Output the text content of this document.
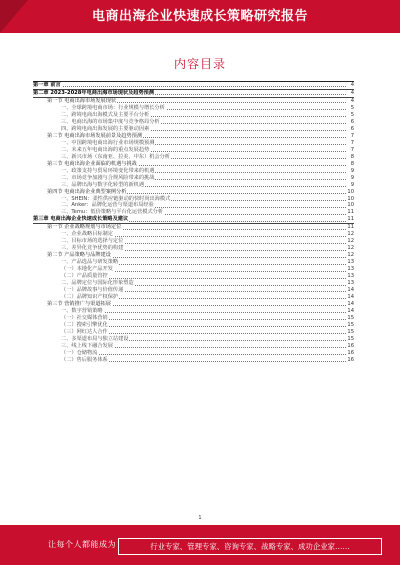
电商出海企业快速成长策略研究报告
内容目录
第一章 前言	4
第二章 2023-2028年电商出海市场现状及趋势预测	4
第一节 电商出海市场发展现状	4
一、全球跨境电商市场：行业规模与增长分析	5
二、跨境电商出海模式及主要平台分析	5
三、电商出海的市场集中度与竞争格局分析	6
四、跨境电商出海发展的主要驱动因素	6
第二节 电商出海市场发展前景及趋势预测	7
一、中国跨境电商出海行业市场规模预测	7
二、未来五年电商出海的重点发展趋势	7
三、新兴市场（东南亚、拉美、中东）机会分析	8
第三节 电商出海企业面临的机遇与挑战	8
一、政策支持与贸易环境变化带来的机遇	9
二、市场竞争加剧与合规风险带来的挑战	9
三、品牌出海与数字化转型的新机遇	9
第四节 电商出海企业典型案例分析	10
一、SHEIN：柔性供应链驱动的快时尚出海模式	10
二、Anker：品牌化运营与渠道布局经验	10
三、Temu：低价策略与平台化运营模式分析	11
第三章 电商出海企业快速成长策略及建议	11
第一节 企业战略规划与市场定位	11
一、企业战略目标制定	12
二、目标市场的选择与定位	12
三、差异化竞争优势的构建	12
第二节 产品策略与品牌建设	12
一、产品选品与研发策略	13
（一）本地化产品开发	13
（二）产品质量管控	13
二、品牌定位与国际化形象塑造	13
（一）品牌故事与价值传递	14
（二）品牌知识产权保护	14
第三节 营销推广与渠道拓展	14
一、数字营销策略	14
（一）社交媒体营销	15
（二）搜索引擎优化	15
（三）网红达人合作	15
二、多渠道布局与独立站建设	15
三、线上线下融合发展	16
（一）仓储物流	16
（二）售后服务体系	16
1
让每个人都能成为	行业专家、管理专家、咨询专家、战略专家、成功企业家……
